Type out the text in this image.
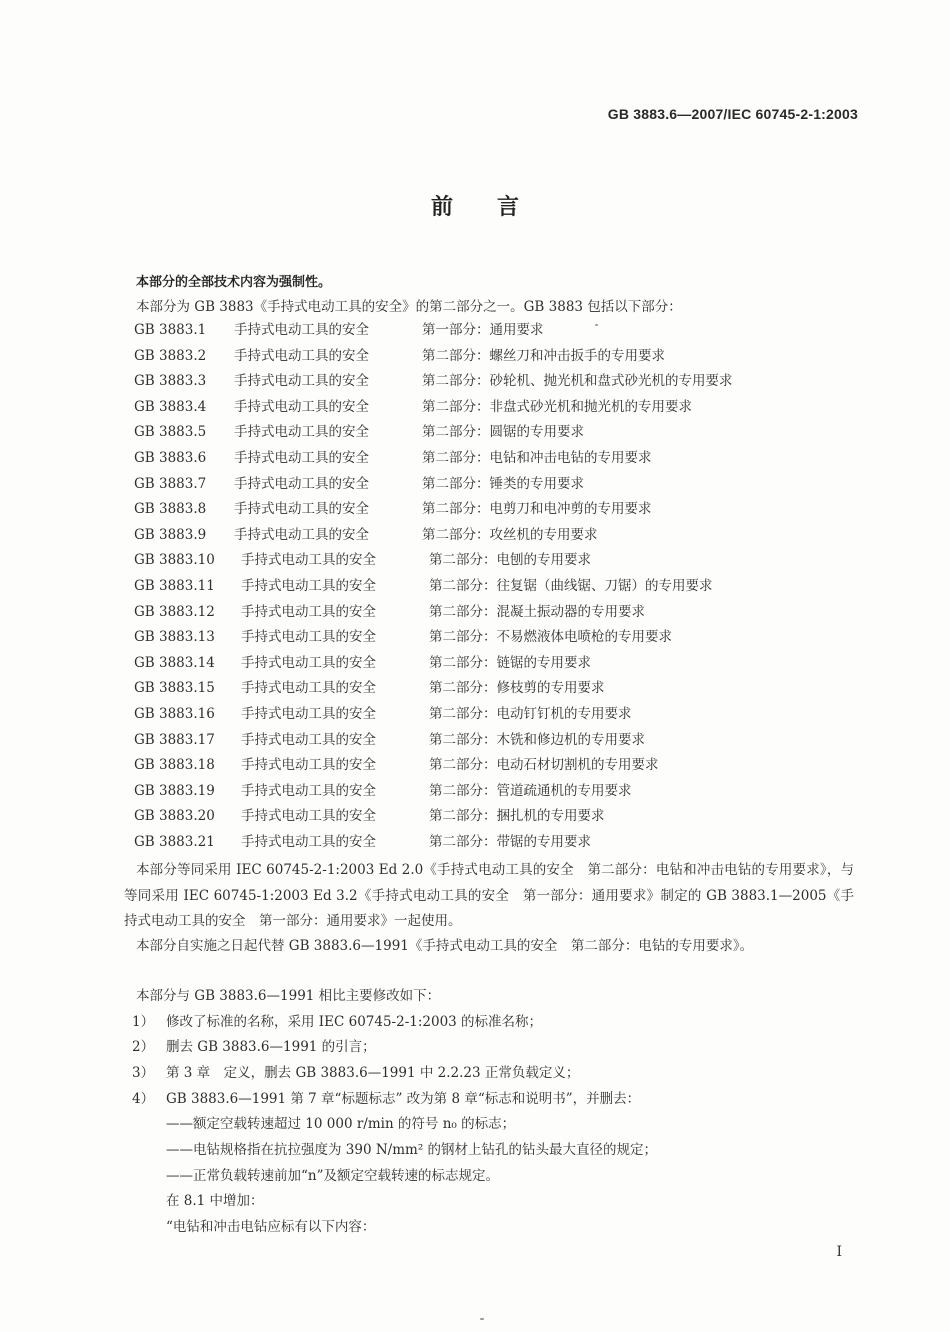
GB 3883.6—2007/IEC 60745-2-1:2003
前言
本部分的全部技术内容为强制性。
本部分为 GB 3883《手持式电动工具的安全》的第二部分之一。GB 3883 包括以下部分：
GB 3883.1 手持式电动工具的安全	第一部分：通用要求
GB 3883.2 手持式电动工具的安全	第二部分：螺丝刀和冲击扳手的专用要求
GB 3883.3 手持式电动工具的安全	第二部分：砂轮机、抛光机和盘式砂光机的专用要求
GB 3883.4 手持式电动工具的安全	第二部分：非盘式砂光机和抛光机的专用要求
GB 3883.5 手持式电动工具的安全	第二部分：圆锯的专用要求
GB 3883.6 手持式电动工具的安全	第二部分：电钻和冲击电钻的专用要求
GB 3883.7 手持式电动工具的安全	第二部分：锤类的专用要求
GB 3883.8 手持式电动工具的安全	第二部分：电剪刀和电冲剪的专用要求
GB 3883.9 手持式电动工具的安全	第二部分：攻丝机的专用要求
GB 3883.10 手持式电动工具的安全	第二部分：电刨的专用要求
GB 3883.11 手持式电动工具的安全	第二部分：往复锯（曲线锯、刀锯）的专用要求
GB 3883.12 手持式电动工具的安全	第二部分：混凝土振动器的专用要求
GB 3883.13 手持式电动工具的安全	第二部分：不易燃液体电喷枪的专用要求
GB 3883.14 手持式电动工具的安全	第二部分：链锯的专用要求
GB 3883.15 手持式电动工具的安全	第二部分：修枝剪的专用要求
GB 3883.16 手持式电动工具的安全	第二部分：电动钉钉机的专用要求
GB 3883.17 手持式电动工具的安全	第二部分：木铣和修边机的专用要求
GB 3883.18 手持式电动工具的安全	第二部分：电动石材切割机的专用要求
GB 3883.19 手持式电动工具的安全	第二部分：管道疏通机的专用要求
GB 3883.20 手持式电动工具的安全	第二部分：捆扎机的专用要求
GB 3883.21 手持式电动工具的安全	第二部分：带锯的专用要求
本部分等同采用 IEC 60745-2-1:2003 Ed 2.0《手持式电动工具的安全　第二部分：电钻和冲击电钻的专用要求》，与等同采用 IEC 60745-1:2003 Ed 3.2《手持式电动工具的安全　第一部分：通用要求》制定的 GB 3883.1—2005《手持式电动工具的安全　第一部分：通用要求》一起使用。
本部分自实施之日起代替 GB 3883.6—1991《手持式电动工具的安全　第二部分：电钻的专用要求》。
本部分与 GB 3883.6—1991 相比主要修改如下：
1） 修改了标准的名称，采用 IEC 60745-2-1:2003 的标准名称；
2） 删去 GB 3883.6—1991 的引言；
3） 第 3 章　定义，删去 GB 3883.6—1991 中 2.2.23 正常负载定义；
4） GB 3883.6—1991 第 7 章“标题标志” 改为第 8 章“标志和说明书”，并删去：
——额定空载转速超过 10 000 r/min 的符号 n₀ 的标志；
——电钻规格指在抗拉强度为 390 N/mm² 的钢材上钻孔的钻头最大直径的规定；
——正常负载转速前加“n”及额定空载转速的标志规定。
在 8.1 中增加：
“电钻和冲击电钻应标有以下内容：
I
